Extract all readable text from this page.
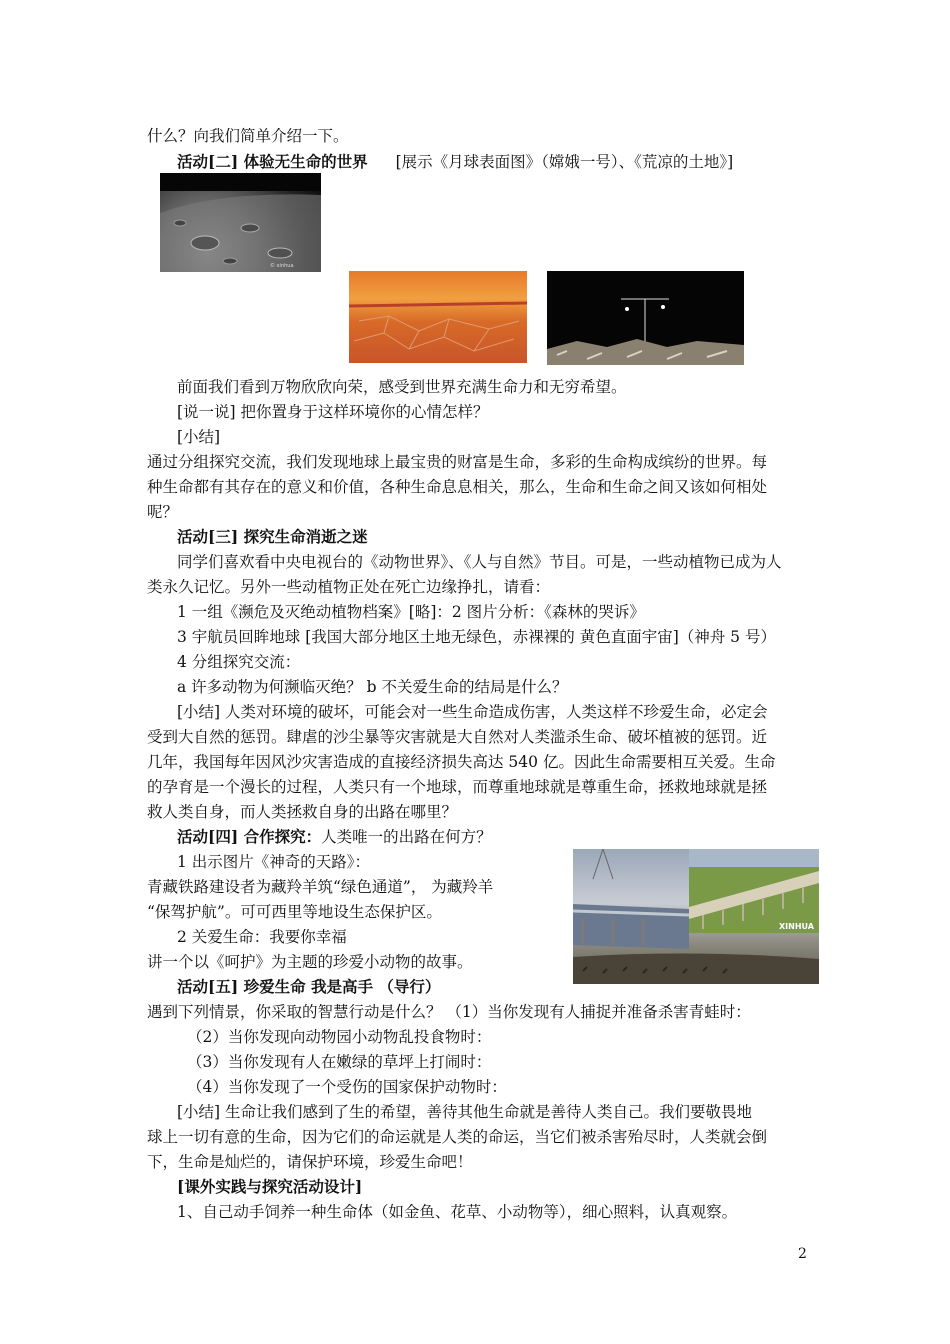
什么？向我们简单介绍一下。
活动[二] 体验无生命的世界 [展示《月球表面图》（嫦娥一号）、《荒凉的土地》]
© xinhua
前面我们看到万物欣欣向荣，感受到世界充满生命力和无穷希望。
[说一说] 把你置身于这样环境你的心情怎样？
[小结]
通过分组探究交流，我们发现地球上最宝贵的财富是生命，多彩的生命构成缤纷的世界。每
种生命都有其存在的意义和价值，各种生命息息相关，那么，生命和生命之间又该如何相处
呢？
活动[三] 探究生命消逝之迷
同学们喜欢看中央电视台的《动物世界》、《人与自然》节目。可是，一些动植物已成为人
类永久记忆。另外一些动植物正处在死亡边缘挣扎，请看：
1 一组《濒危及灭绝动植物档案》[略]：2 图片分析：《森林的哭诉》
3 宇航员回眸地球 [我国大部分地区土地无绿色，赤裸裸的 黄色直面宇宙]（神舟 5 号）
4 分组探究交流：
a 许多动物为何濒临灭绝？ b 不关爱生命的结局是什么？
[小结] 人类对环境的破坏，可能会对一些生命造成伤害，人类这样不珍爱生命，必定会
受到大自然的惩罚。肆虐的沙尘暴等灾害就是大自然对人类滥杀生命、破坏植被的惩罚。近
几年，我国每年因风沙灾害造成的直接经济损失高达 540 亿。因此生命需要相互关爱。生命
的孕育是一个漫长的过程，人类只有一个地球，而尊重地球就是尊重生命，拯救地球就是拯
救人类自身，而人类拯救自身的出路在哪里？
活动[四] 合作探究：人类唯一的出路在何方？
1 出示图片《神奇的天路》：
青藏铁路建设者为藏羚羊筑“绿色通道”， 为藏羚羊
“保驾护航”。可可西里等地设生态保护区。
2 关爱生命：我要你幸福
讲一个以《呵护》为主题的珍爱小动物的故事。
XINHUA
活动[五] 珍爱生命 我是高手 （导行）
遇到下列情景，你采取的智慧行动是什么？ （1）当你发现有人捕捉并准备杀害青蛙时：
（2）当你发现向动物园小动物乱投食物时：
（3）当你发现有人在嫩绿的草坪上打闹时：
（4）当你发现了一个受伤的国家保护动物时：
[小结] 生命让我们感到了生的希望，善待其他生命就是善待人类自己。我们要敬畏地
球上一切有意的生命，因为它们的命运就是人类的命运，当它们被杀害殆尽时，人类就会倒
下，生命是灿烂的，请保护环境，珍爱生命吧！
[课外实践与探究活动设计]
1、自己动手饲养一种生命体（如金鱼、花草、小动物等），细心照料，认真观察。
2
